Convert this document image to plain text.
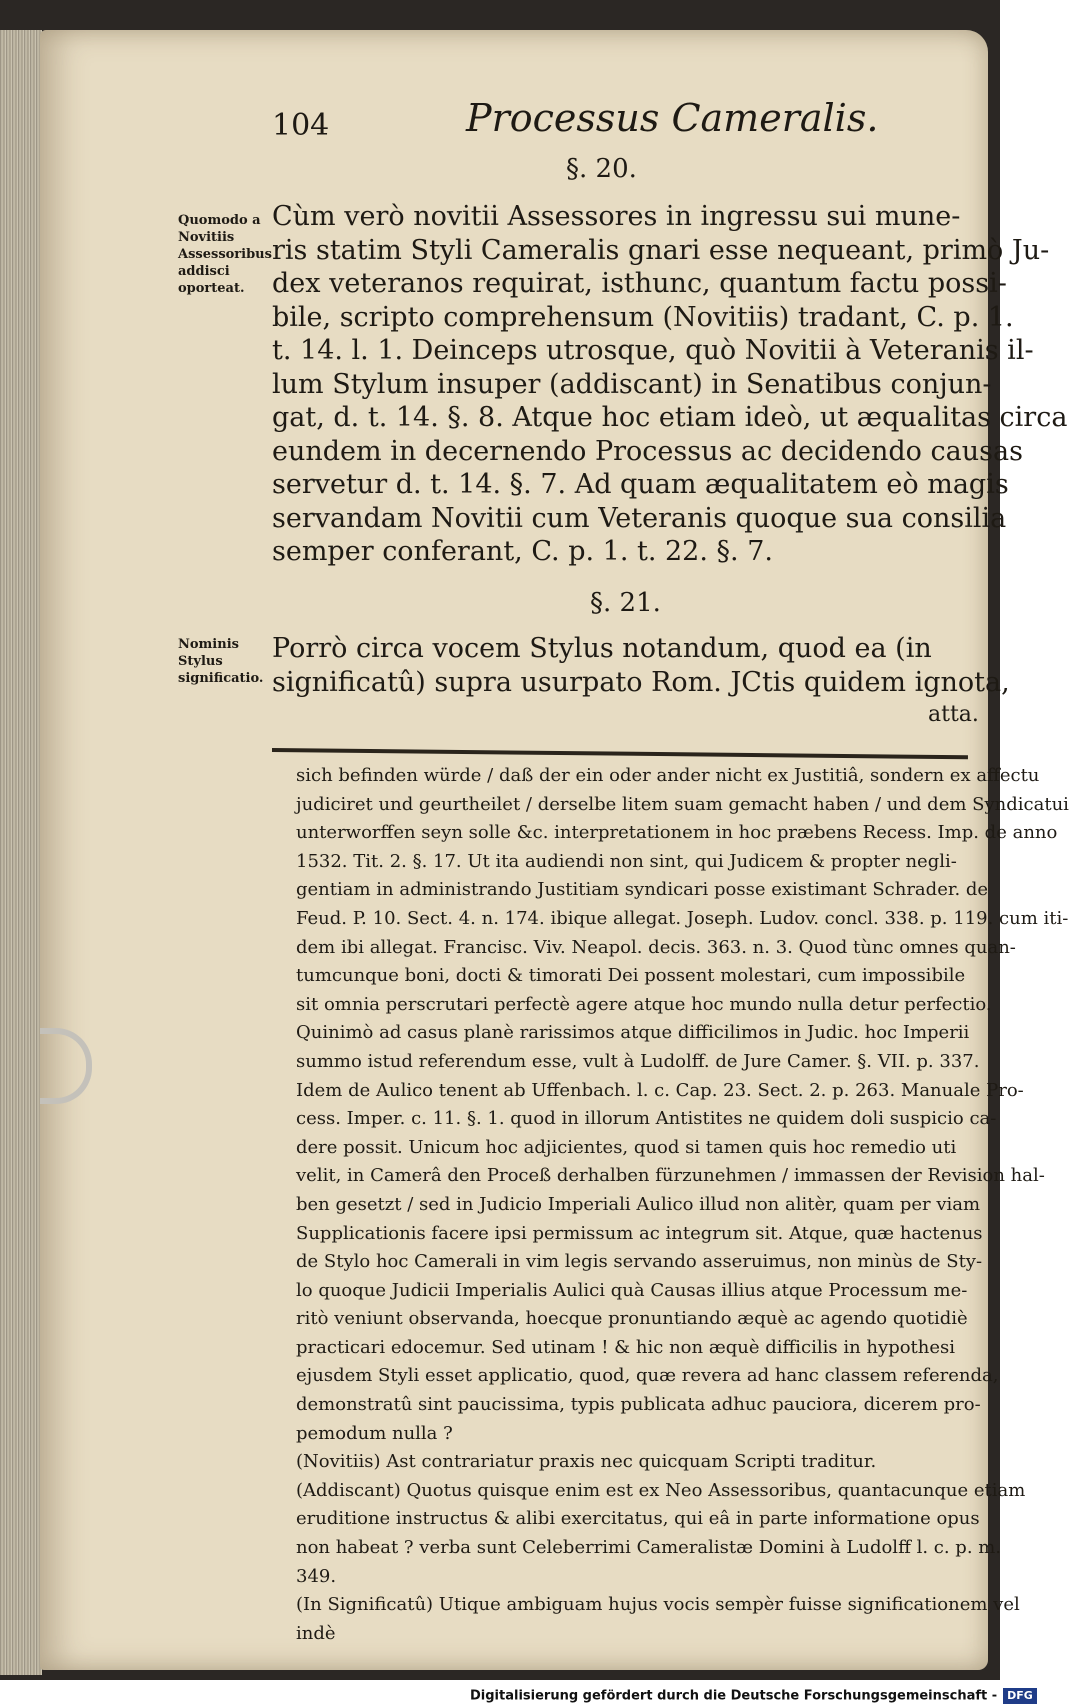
104	Processus Cameralis.
§. 20.
Quomodo a Novitiis Assessoribus addisci oporteat.

Cùm verò novitii Assessores in ingressu sui mune-
ris statim Styli Cameralis gnari esse nequeant, primò Ju-
dex veteranos requirat, isthunc, quantum factu possi-
bile, scripto comprehensum (Novitiis) tradant, C. p. 1.
t. 14. l. 1. Deinceps utrosque, quò Novitii à Veteranis il-
lum Stylum insuper (addiscant) in Senatibus conjun-
gat, d. t. 14. §. 8. Atque hoc etiam ideò, ut æqualitas circa
eundem in decernendo Processus ac decidendo causas
servetur d. t. 14. §. 7. Ad quam æqualitatem eò magis
servandam Novitii cum Veteranis quoque sua consilia
semper conferant, C. p. 1. t. 22. §. 7.

§. 21.
Nominis Stylus significatio.

Porrò circa vocem Stylus notandum, quod ea (in
significatû) supra usurpato Rom. JCtis quidem ignota,

atta.

sich befinden würde / daß der ein oder ander nicht ex Justitiâ, sondern ex affectu
judiciret und geurtheilet / derselbe litem suam gemacht haben / und dem Syndicatui
unterworffen seyn solle &c. interpretationem in hoc præbens Recess. Imp. de anno
1532. Tit. 2. §. 17. Ut ita audiendi non sint, qui Judicem & propter negli-
gentiam in administrando Justitiam syndicari posse existimant Schrader. de
Feud. P. 10. Sect. 4. n. 174. ibique allegat. Joseph. Ludov. concl. 338. p. 119. cum iti-
dem ibi allegat. Francisc. Viv. Neapol. decis. 363. n. 3. Quod tùnc omnes quan-
tumcunque boni, docti & timorati Dei possent molestari, cum impossibile
sit omnia perscrutari perfectè agere atque hoc mundo nulla detur perfectio.
Quinimò ad casus planè rarissimos atque difficilimos in Judic. hoc Imperii
summo istud referendum esse, vult à Ludolff. de Jure Camer. §. VII. p. 337.
Idem de Aulico tenent ab Uffenbach. l. c. Cap. 23. Sect. 2. p. 263. Manuale Pro-
cess. Imper. c. 11. §. 1. quod in illorum Antistites ne quidem doli suspicio ca-
dere possit. Unicum hoc adjicientes, quod si tamen quis hoc remedio uti
velit, in Camerâ den Proceß derhalben fürzunehmen / immassen der Revision hal-
ben gesetzt / sed in Judicio Imperiali Aulico illud non alitèr, quam per viam
Supplicationis facere ipsi permissum ac integrum sit. Atque, quæ hactenus
de Stylo hoc Camerali in vim legis servando asseruimus, non minùs de Sty-
lo quoque Judicii Imperialis Aulici quà Causas illius atque Processum me-
ritò veniunt observanda, hoecque pronuntiando æquè ac agendo quotidiè
practicari edocemur. Sed utinam ! & hic non æquè difficilis in hypothesi
ejusdem Styli esset applicatio, quod, quæ revera ad hanc classem referenda,
demonstratû sint paucissima, typis publicata adhuc pauciora, dicerem pro-
pemodum nulla ?
(Novitiis) Ast contrariatur praxis nec quicquam Scripti traditur.
(Addiscant) Quotus quisque enim est ex Neo Assessoribus, quantacunque etiam
eruditione instructus & alibi exercitatus, qui eâ in parte informatione opus
non habeat ? verba sunt Celeberrimi Cameralistæ Domini à Ludolff l. c. p. m.
349.
(In Significatû) Utique ambiguam hujus vocis sempèr fuisse significationem vel
indè

Digitalisierung gefördert durch die Deutsche Forschungsgemeinschaft - DFG
